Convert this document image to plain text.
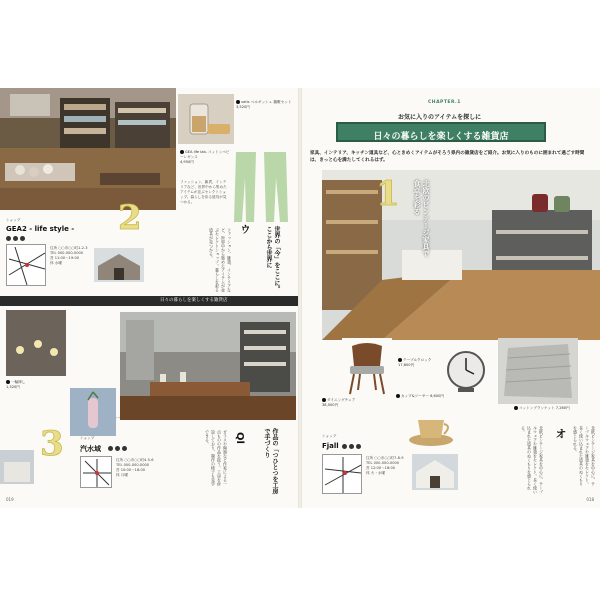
vatic ベルギッシュ 鍋敷セット
3,520円
GEA life lab. コットンベビーレギンス
4,950円
ファッション、雑貨、インテリアなど、世界中から集めたアイテムが並ぶセレクトショップ。暮らしを彩る道具が見つかる。
2
ショップ
GEA2 - life style -
住所 ○○市○○町1-2-3
TEL 000-000-0000
営 11:00〜19:00
休 水曜	世界の「今」をここに。ここから世界に
ウ
ファッション、雑貨、インテリアなど、世界中から集めたアイテムが並ぶセレクトショップ。暮らしを彩る道具が見つかる。
日々の暮らしを楽しくする雑貨店

一輪挿し
1,320円
3	ショップ
汽水域
住所 ○○市○○町4-5-6
TEL 000-000-0000
営 10:00〜18:00
休 月曜	ガラスや陶器など作家による一点ものの作品を扱う。工房を併設しており、制作の様子も見学できる。	Ql	作品の「つひとつを工房で手づくり
019
CHAPTER.1
お気に入りのアイテムを探しに
日々の暮らしを楽しくする雑貨店
家具、インテリア、キッチン道具など、心ときめくアイテムがそろう県内の雑貨店をご紹介。お気に入りのものに囲まれて過ごす時間は、きっと心を満たしてくれるはず。
北欧のビンテージ家具で食卓を彩る
1
ダイニングチェア
38,500円
テーブルクロック
17,600円
コットンブランケット 7,260円
カップ&ソーサー 6,600円
ショップ
Fjall
住所 ○○市○○町7-8-9
TEL 000-000-0000
営 12:00〜18:00
休 火・水曜	北欧ビンテージ家具を中心に、テーブルウェアや雑貨をセレクト。長く使い込まれた道具のぬくもりを感じられる。	オ	北欧ビンテージ家具を中心に、テーブルウェアや雑貨をセレクト。長く使い込まれた道具のぬくもりを感じられる。
018
